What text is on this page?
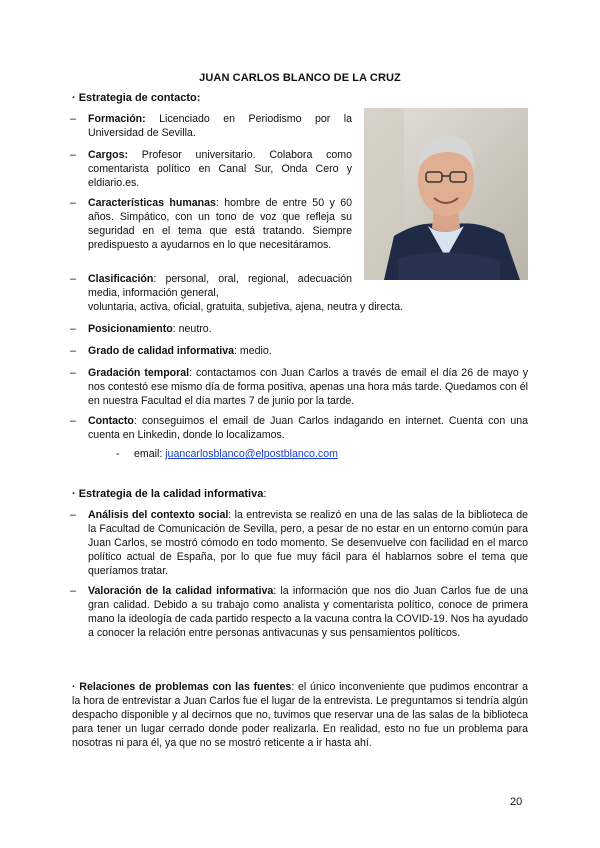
JUAN CARLOS BLANCO DE LA CRUZ
· Estrategia de contacto:
– Formación: Licenciado en Periodismo por la Universidad de Sevilla.
– Cargos: Profesor universitario. Colabora como comentarista político en Canal Sur, Onda Cero y eldiario.es.
– Características humanas: hombre de entre 50 y 60 años. Simpático, con un tono de voz que refleja su seguridad en el tema que está tratando. Siempre predispuesto a ayudarnos en lo que necesitáramos.
– Clasificación: personal, oral, regional, adecuación media, información general,
voluntaria, activa, oficial, gratuita, subjetiva, ajena, neutra y directa.
– Posicionamiento: neutro.
– Grado de calidad informativa: medio.
– Gradación temporal: contactamos con Juan Carlos a través de email el día 26 de mayo y nos contestó ese mismo día de forma positiva, apenas una hora más tarde. Quedamos con él en nuestra Facultad el día martes 7 de junio por la tarde.
– Contacto: conseguimos el email de Juan Carlos indagando en internet. Cuenta con una cuenta en Linkedin, donde lo localizamos.
- email: juancarlosblanco@elpostblanco.com
· Estrategia de la calidad informativa:
– Análisis del contexto social: la entrevista se realizó en una de las salas de la biblioteca de la Facultad de Comunicación de Sevilla, pero, a pesar de no estar en un entorno común para Juan Carlos, se mostró cómodo en todo momento. Se desenvuelve con facilidad en el marco político actual de España, por lo que fue muy fácil para él hablarnos sobre el tema que queríamos tratar.
– Valoración de la calidad informativa: la información que nos dio Juan Carlos fue de una gran calidad. Debido a su trabajo como analista y comentarista político, conoce de primera mano la ideología de cada partido respecto a la vacuna contra la COVID-19. Nos ha ayudado a conocer la relación entre personas antivacunas y sus pensamientos políticos.
· Relaciones de problemas con las fuentes: el único inconveniente que pudimos encontrar a la hora de entrevistar a Juan Carlos fue el lugar de la entrevista. Le preguntamos si tendría algún despacho disponible y al decirnos que no, tuvimos que reservar una de las salas de la biblioteca para tener un lugar cerrado donde poder realizarla. En realidad, esto no fue un problema para nosotras ni para él, ya que no se mostró reticente a ir hasta ahí.
20
